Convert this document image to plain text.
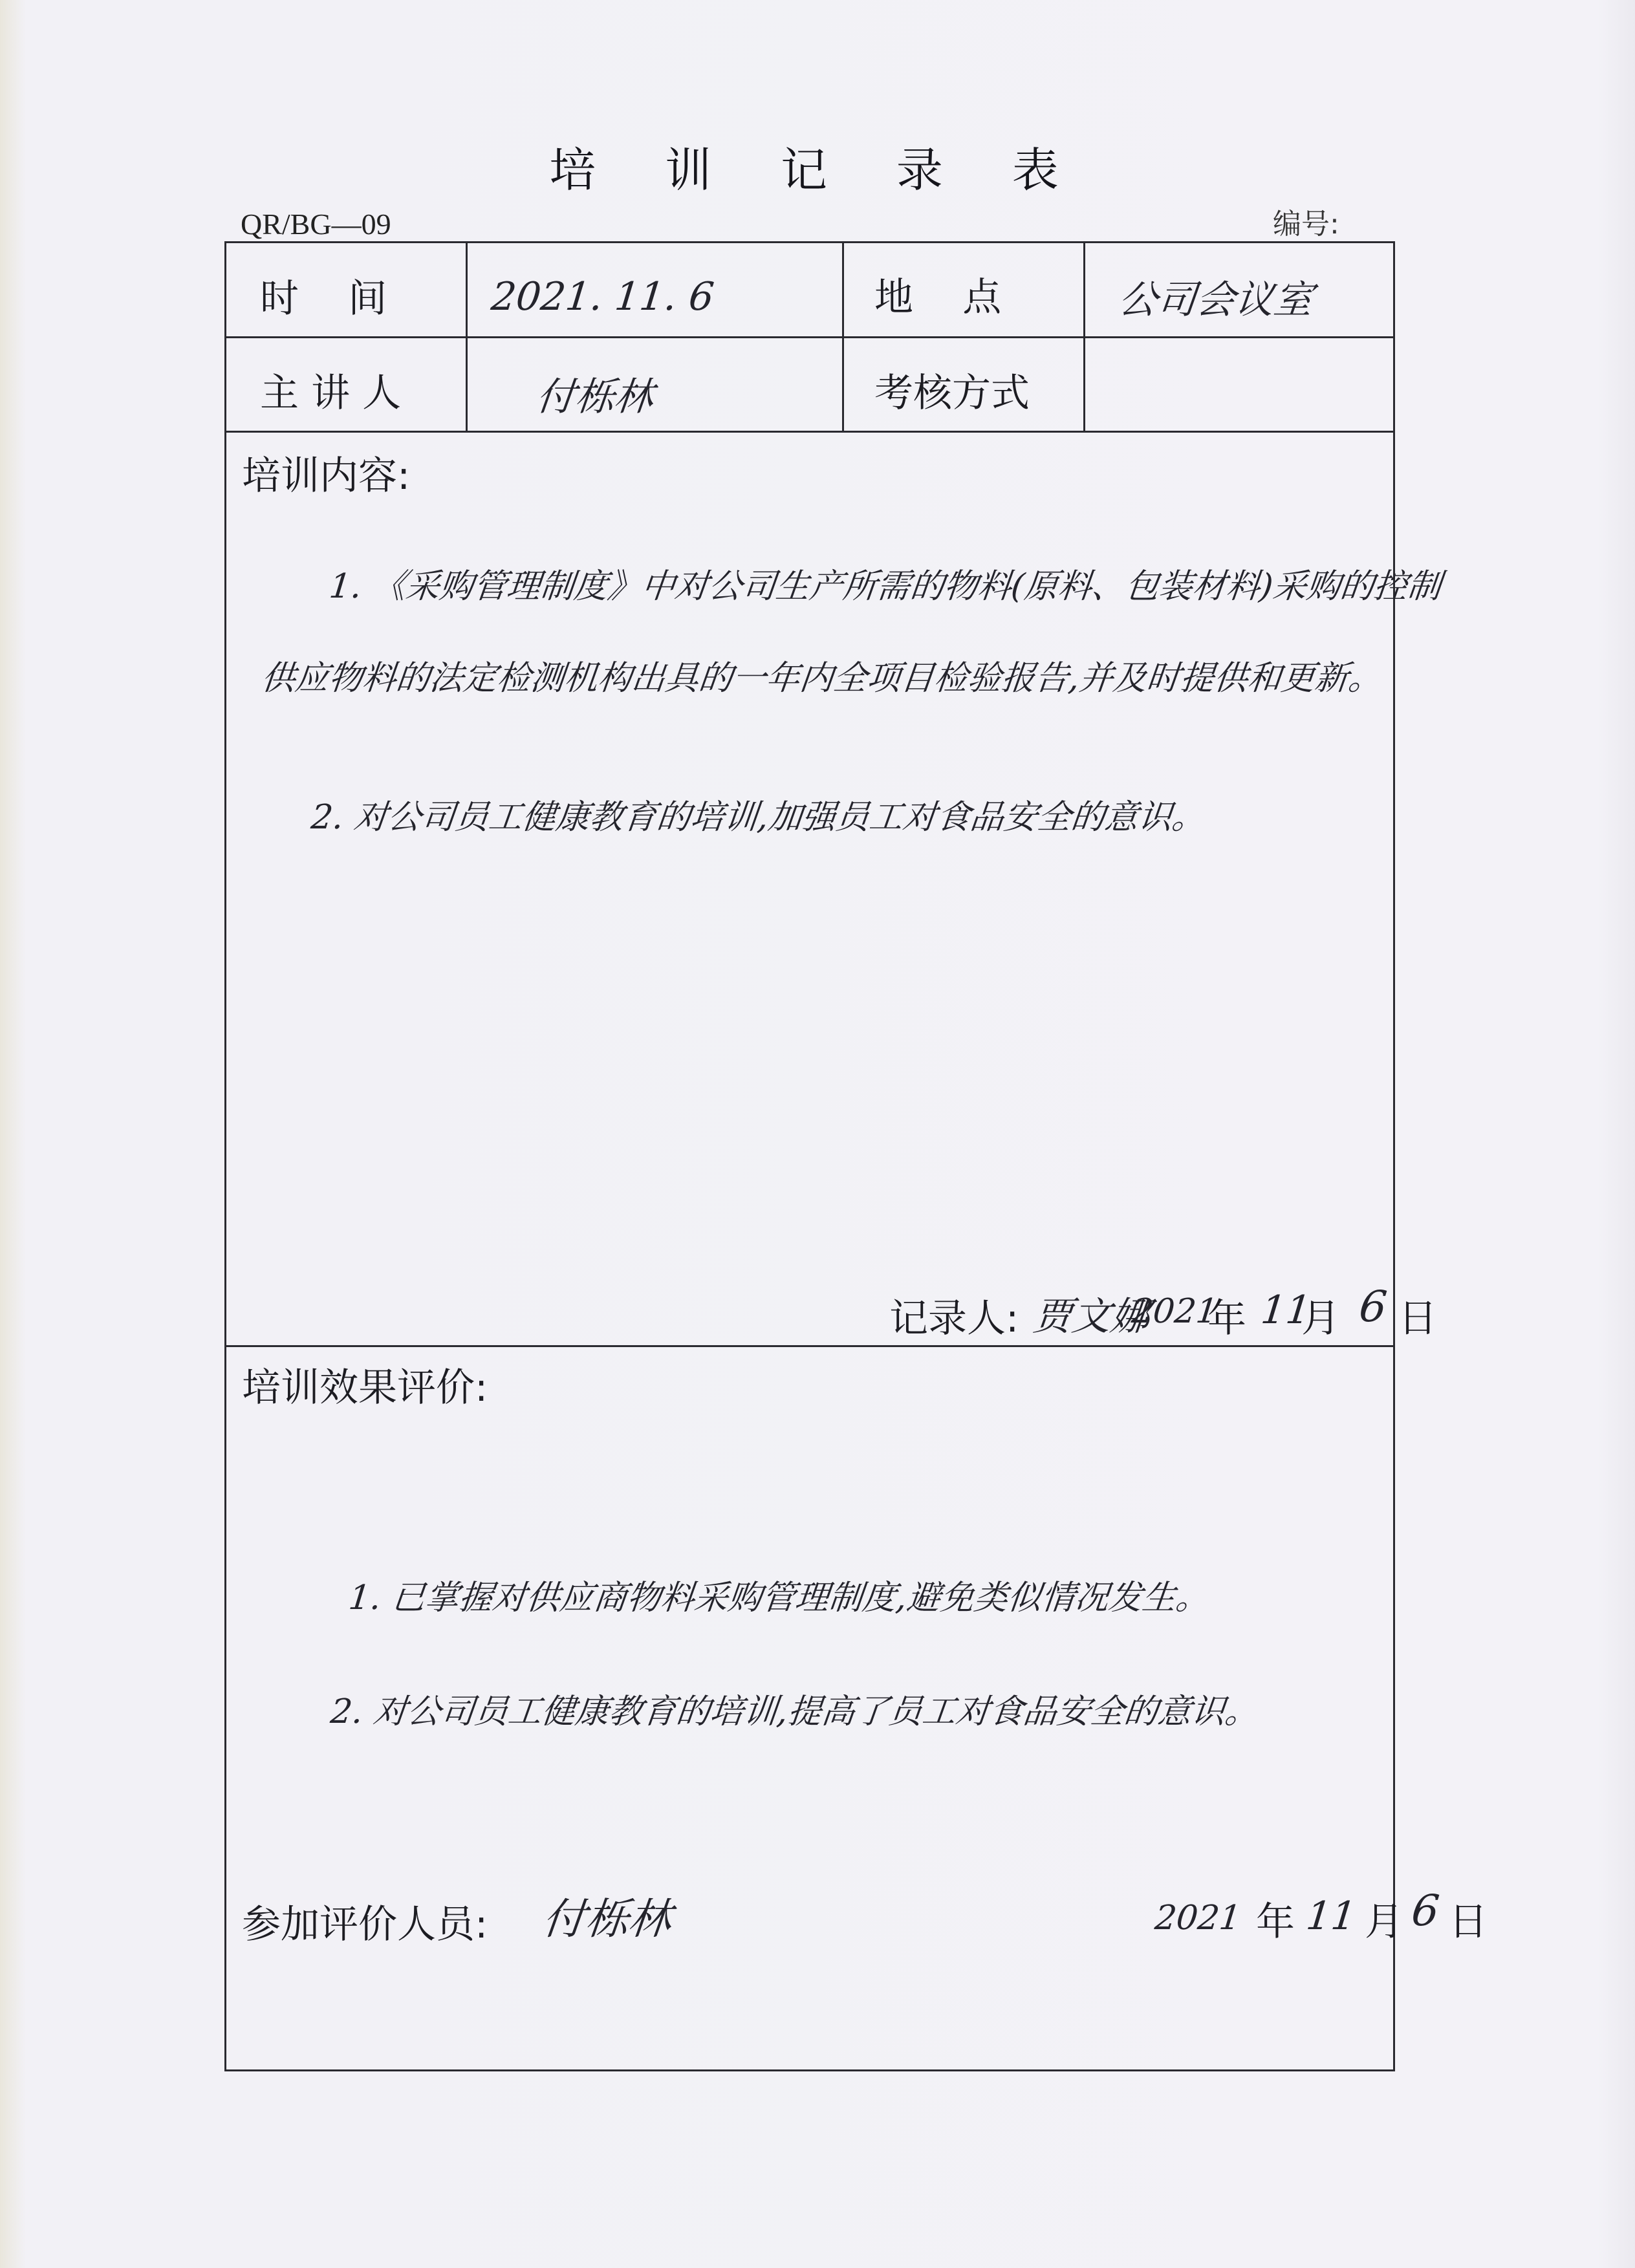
培 训 记 录 表
QR/BG—09	编号:
时    间	2021. 11. 6	地    点	公司会议室
主 讲 人	付栎林	考核方式
培训内容:
1. 《采购管理制度》中对公司生产所需的物料(原料、包装材料)采购的控制
供应物料的法定检测机构出具的一年内全项目检验报告,并及时提供和更新。
2. 对公司员工健康教育的培训,加强员工对食品安全的意识。
记录人: 贾文娜
2021
年 11
月 6 日
培训效果评价:
1. 已掌握对供应商物料采购管理制度,避免类似情况发生。
2. 对公司员工健康教育的培训,提高了员工对食品安全的意识。
参加评价人员: 付栎林	2021 年 11 月 6 日
